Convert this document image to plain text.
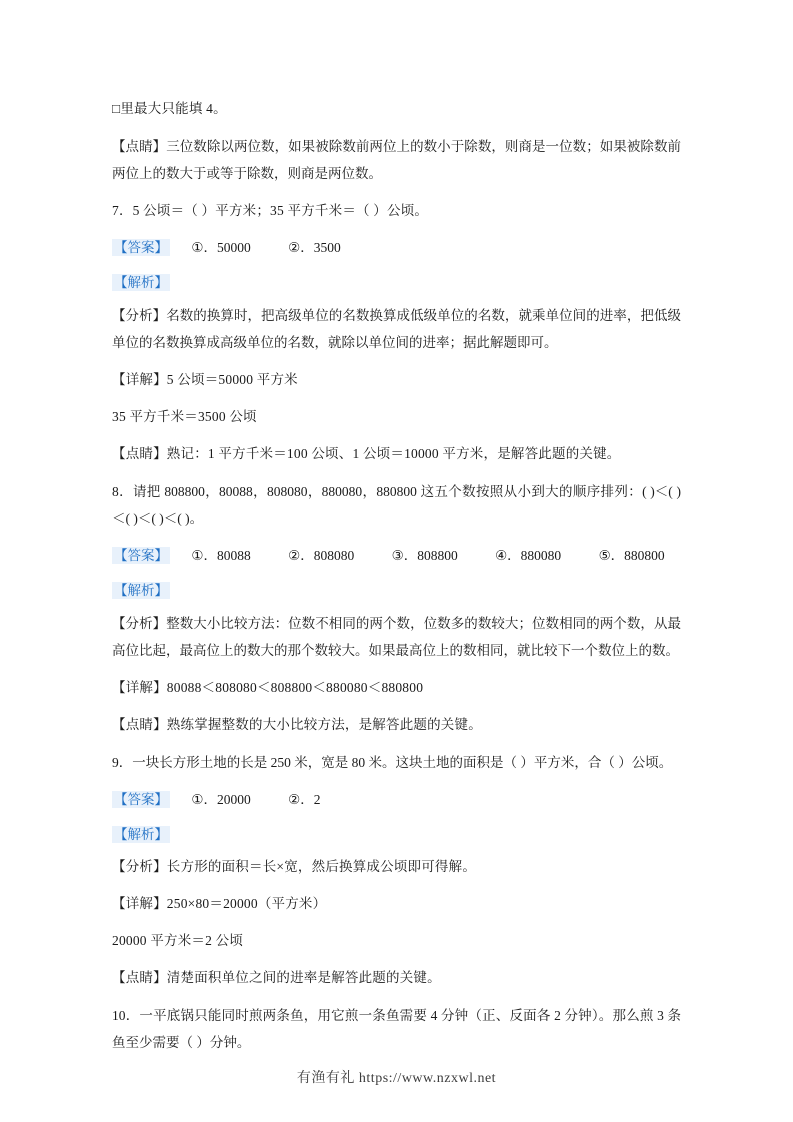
□里最大只能填 4。
【点睛】三位数除以两位数，如果被除数前两位上的数小于除数，则商是一位数；如果被除数前两位上的数大于或等于除数，则商是两位数。
7．5 公顷＝（ ）平方米；35 平方千米＝（ ）公顷。
【答案】 ①．50000	②．3500
【解析】
【分析】名数的换算时，把高级单位的名数换算成低级单位的名数，就乘单位间的进率，把低级单位的名数换算成高级单位的名数，就除以单位间的进率；据此解题即可。
【详解】5 公顷＝50000 平方米
35 平方千米＝3500 公顷
【点睛】熟记：1 平方千米＝100 公顷、1 公顷＝10000 平方米，是解答此题的关键。
8．请把 808800，80088，808080，880080，880800 这五个数按照从小到大的顺序排列：( )＜( )＜( )＜( )＜( )。
【答案】 ①．80088	②．808080	③．808800	④．880080	⑤．880800
【解析】
【分析】整数大小比较方法：位数不相同的两个数，位数多的数较大；位数相同的两个数，从最高位比起，最高位上的数大的那个数较大。如果最高位上的数相同，就比较下一个数位上的数。
【详解】80088＜808080＜808800＜880080＜880800
【点睛】熟练掌握整数的大小比较方法，是解答此题的关键。
9．一块长方形土地的长是 250 米，宽是 80 米。这块土地的面积是（ ）平方米，合（ ）公顷。
【答案】 ①．20000	②．2
【解析】
【分析】长方形的面积＝长×宽，然后换算成公顷即可得解。
【详解】250×80＝20000（平方米）
20000 平方米＝2 公顷
【点睛】清楚面积单位之间的进率是解答此题的关键。
10．一平底锅只能同时煎两条鱼，用它煎一条鱼需要 4 分钟（正、反面各 2 分钟）。那么煎 3 条鱼至少需要（ ）分钟。
有渔有礼 https://www.nzxwl.net
